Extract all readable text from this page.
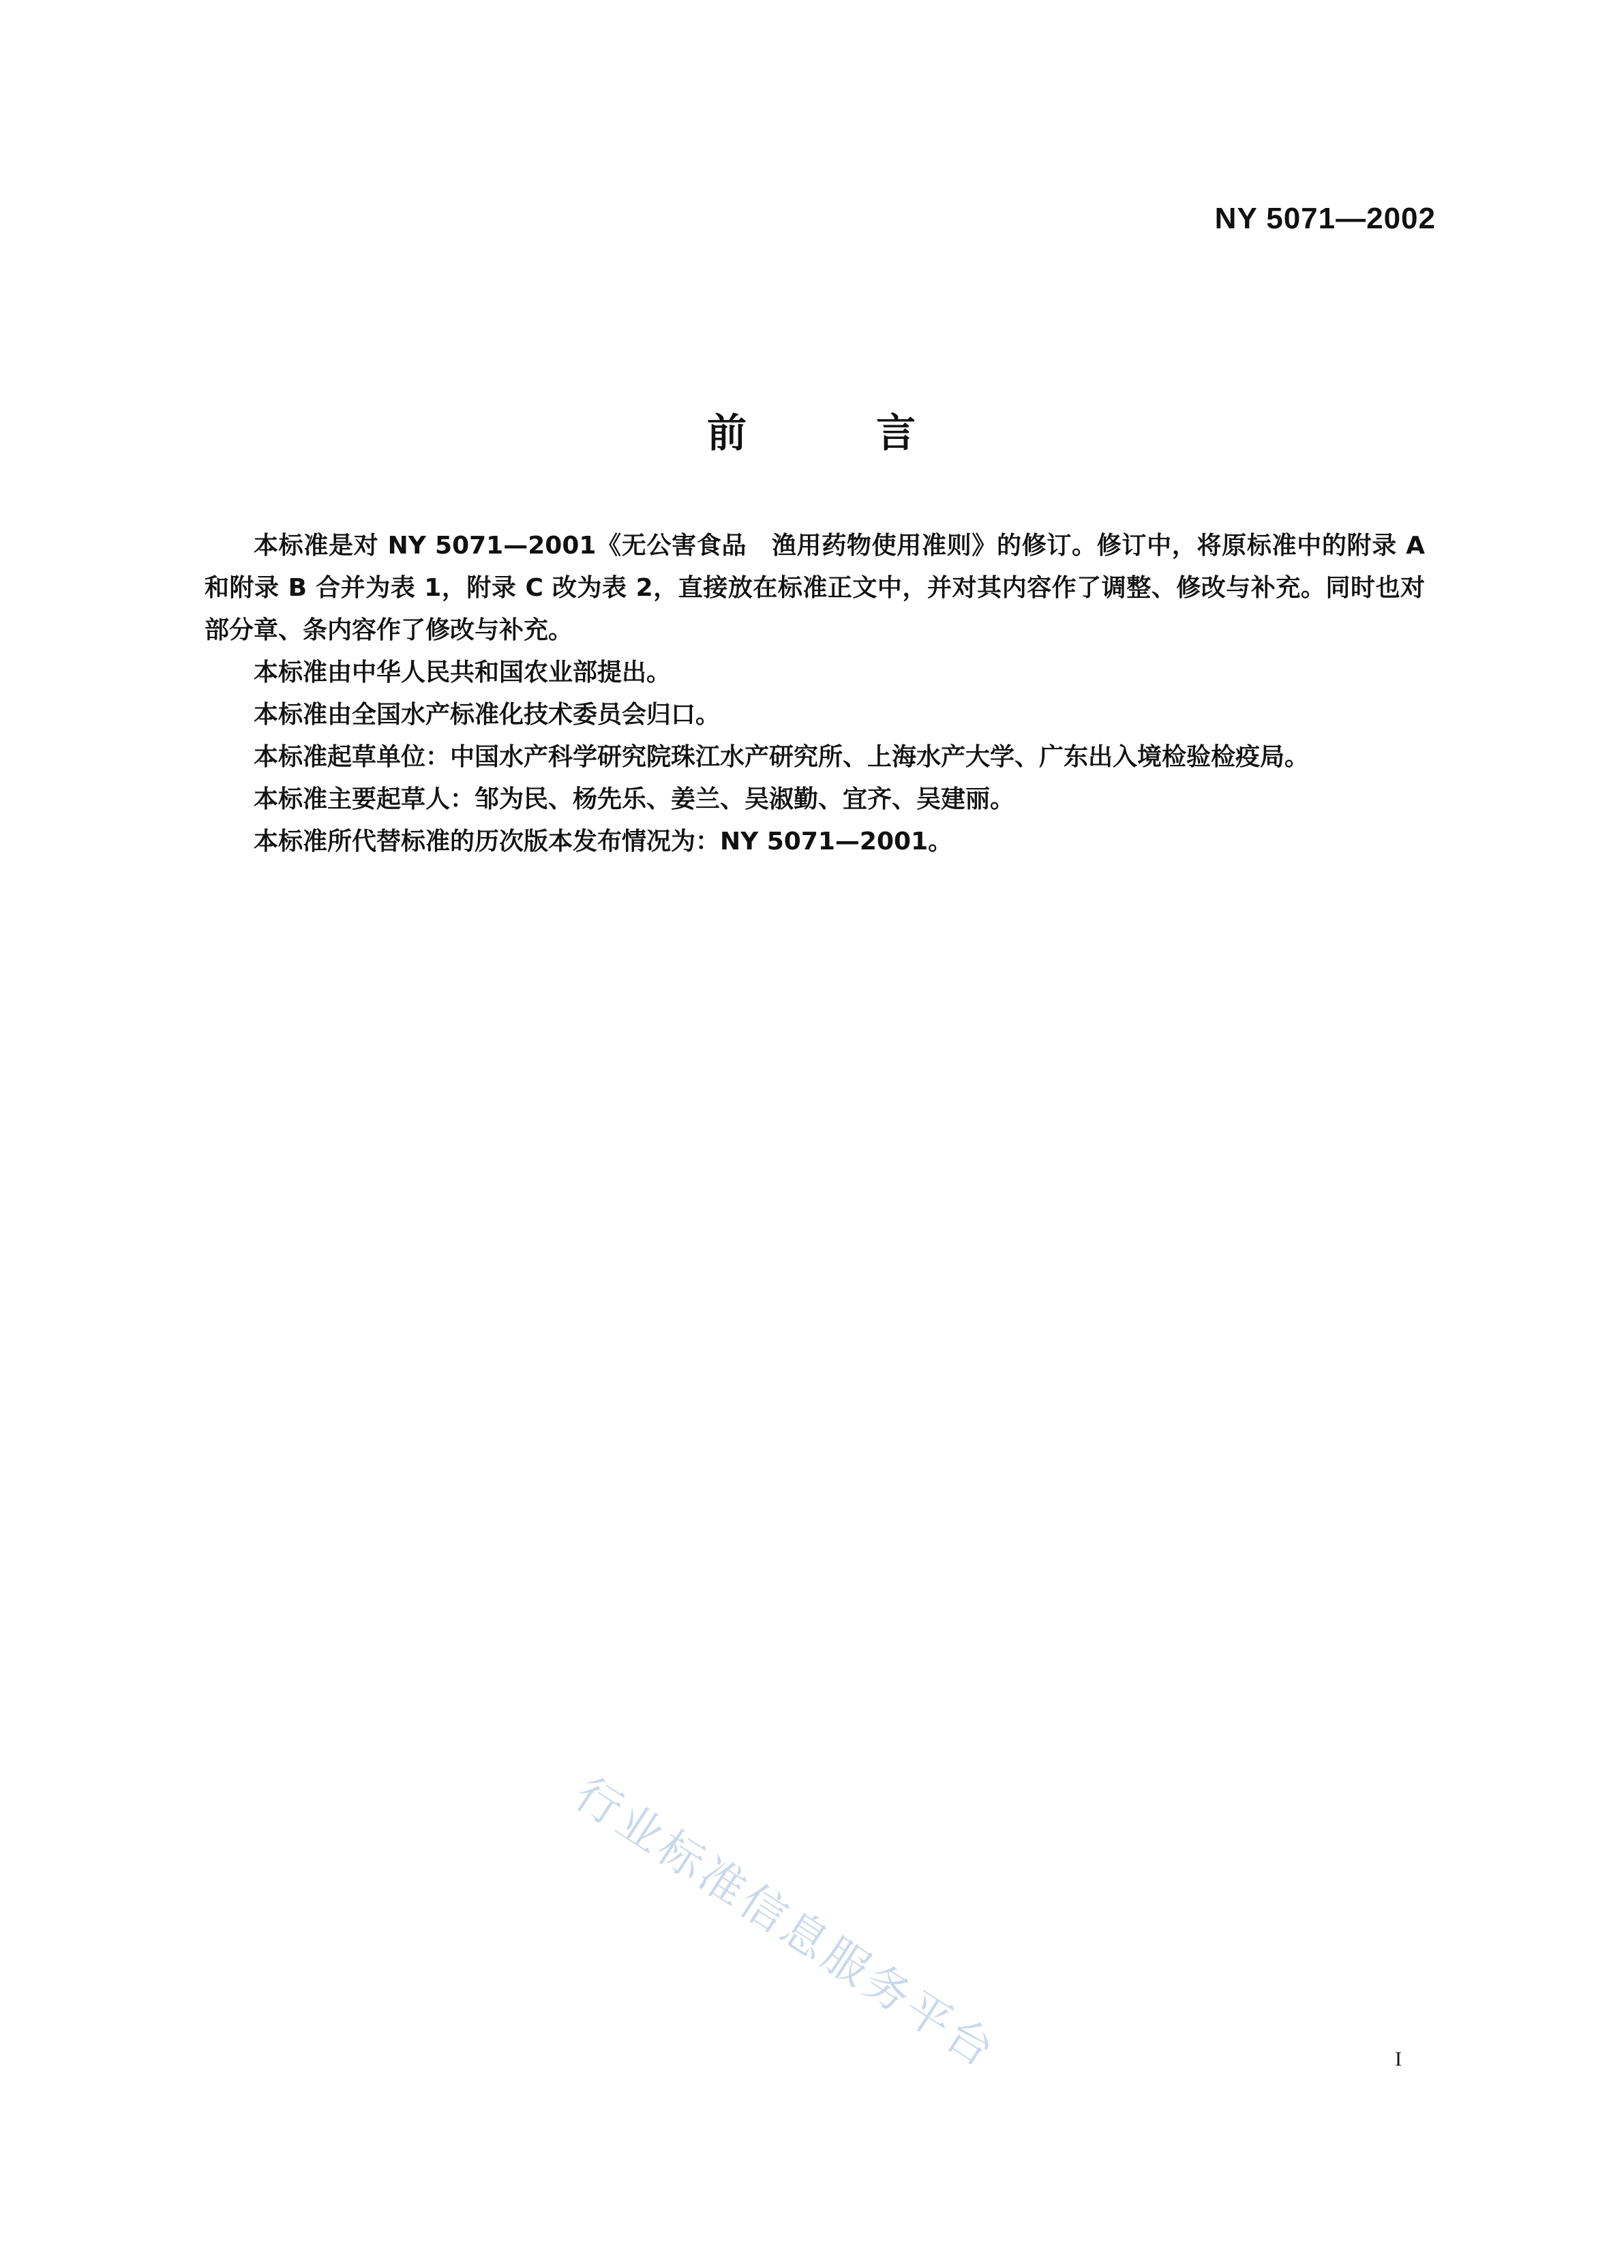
NY 5071—2002
前	言

本标准是对 NY 5071—2001《无公害食品　渔用药物使用准则》的修订。修订中，将原标准中的附录 A 和附录 B 合并为表 1，附录 C 改为表 2，直接放在标准正文中，并对其内容作了调整、修改与补充。同时也对部分章、条内容作了修改与补充。

本标准由中华人民共和国农业部提出。

本标准由全国水产标准化技术委员会归口。

本标准起草单位：中国水产科学研究院珠江水产研究所、上海水产大学、广东出入境检验检疫局。

本标准主要起草人：邹为民、杨先乐、姜兰、吴淑勤、宜齐、吴建丽。

本标准所代替标准的历次版本发布情况为：NY 5071—2001。

行业标准信息服务平台	I
